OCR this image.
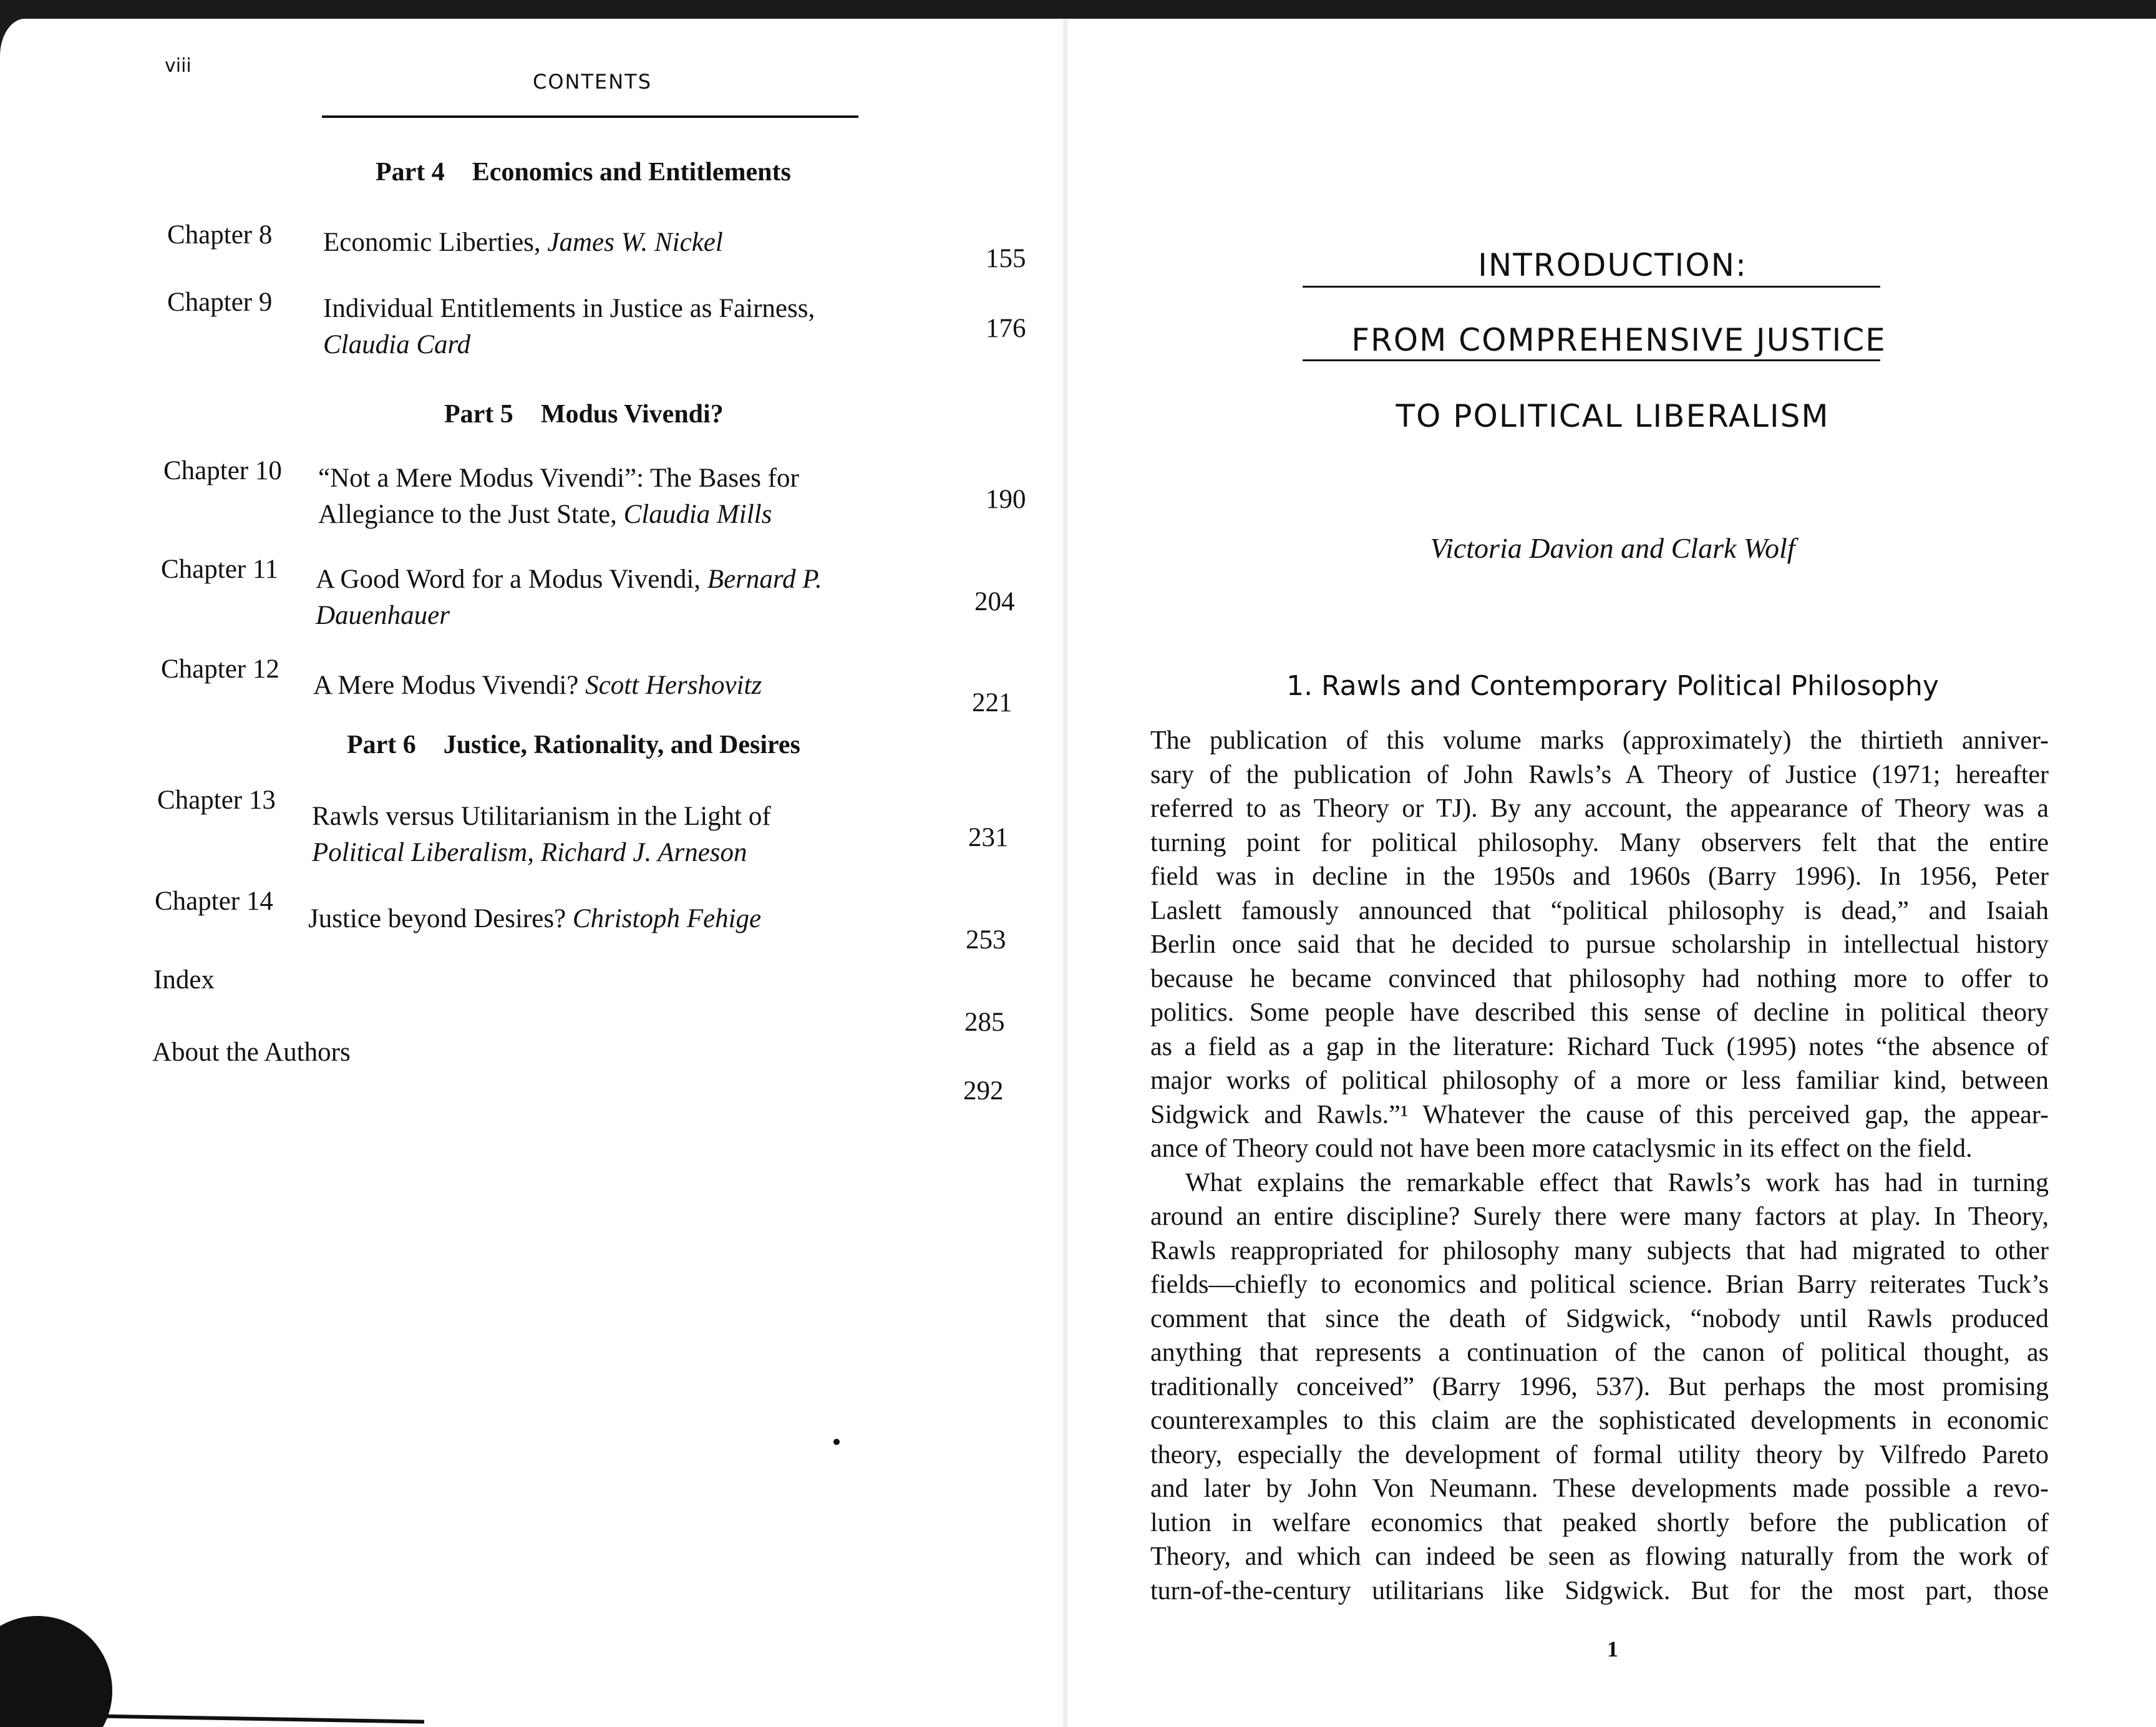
viii
CONTENTS
Part 4 Economics and Entitlements
Chapter 8 Economic Liberties, James W. Nickel
155
Chapter 9 Individual Entitlements in Justice as Fairness,
Claudia Card
176
Part 5 Modus Vivendi?
Chapter 10 “Not a Mere Modus Vivendi”: The Bases for
Allegiance to the Just State, Claudia Mills
190
Chapter 11 A Good Word for a Modus Vivendi, Bernard P.
Dauenhauer	204
Chapter 12
A Mere Modus Vivendi? Scott Hershovitz
221
Part 6 Justice, Rationality, and Desires
Chapter 13
Rawls versus Utilitarianism in the Light of
Political Liberalism, Richard J. Arneson
231
Chapter 14
Justice beyond Desires? Christoph Fehige
253
Index
285
About the Authors
292
INTRODUCTION:
FROM COMPREHENSIVE JUSTICE
TO POLITICAL LIBERALISM
Victoria Davion and Clark Wolf
1. Rawls and Contemporary Political Philosophy
The publication of this volume marks (approximately) the thirtieth anniver-
sary of the publication of John Rawls’s A Theory of Justice (1971; hereafter
referred to as Theory or TJ). By any account, the appearance of Theory was a
turning point for political philosophy. Many observers felt that the entire
field was in decline in the 1950s and 1960s (Barry 1996). In 1956, Peter
Laslett famously announced that “political philosophy is dead,” and Isaiah
Berlin once said that he decided to pursue scholarship in intellectual history
because he became convinced that philosophy had nothing more to offer to
politics. Some people have described this sense of decline in political theory
as a field as a gap in the literature: Richard Tuck (1995) notes “the absence of
major works of political philosophy of a more or less familiar kind, between
Sidgwick and Rawls.”¹ Whatever the cause of this perceived gap, the appear-
ance of Theory could not have been more cataclysmic in its effect on the field.
What explains the remarkable effect that Rawls’s work has had in turning
around an entire discipline? Surely there were many factors at play. In Theory,
Rawls reappropriated for philosophy many subjects that had migrated to other
fields—chiefly to economics and political science. Brian Barry reiterates Tuck’s
comment that since the death of Sidgwick, “nobody until Rawls produced
anything that represents a continuation of the canon of political thought, as
traditionally conceived” (Barry 1996, 537). But perhaps the most promising
counterexamples to this claim are the sophisticated developments in economic
theory, especially the development of formal utility theory by Vilfredo Pareto
and later by John Von Neumann. These developments made possible a revo-
lution in welfare economics that peaked shortly before the publication of
Theory, and which can indeed be seen as flowing naturally from the work of
turn-of-the-century utilitarians like Sidgwick. But for the most part, those
1
